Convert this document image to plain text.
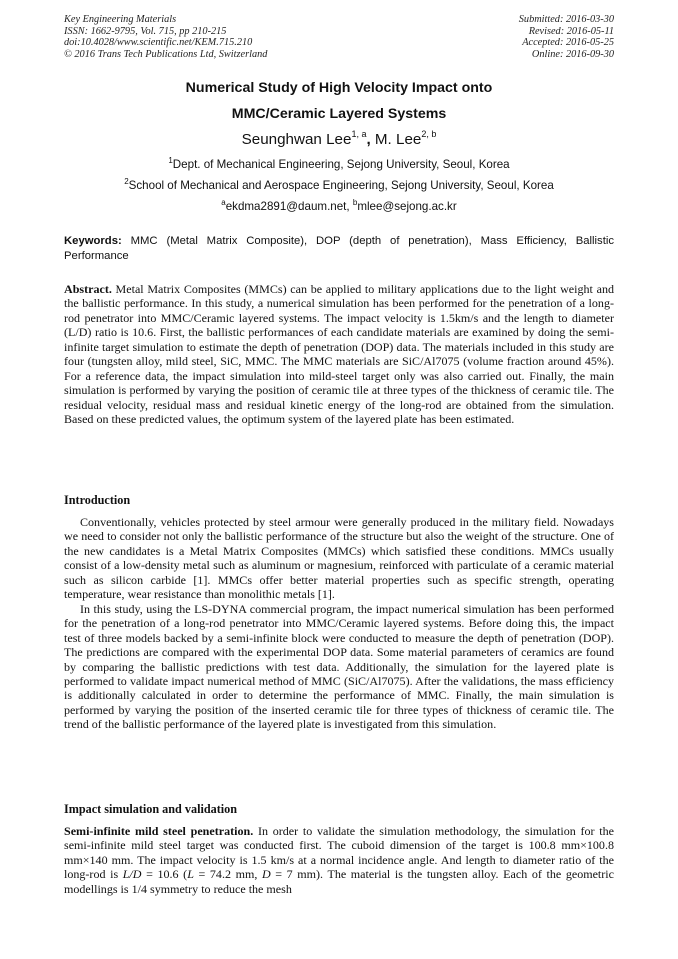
Key Engineering Materials
ISSN: 1662-9795, Vol. 715, pp 210-215
doi:10.4028/www.scientific.net/KEM.715.210
© 2016 Trans Tech Publications Ltd, Switzerland
Submitted: 2016-03-30
Revised: 2016-05-11
Accepted: 2016-05-25
Online: 2016-09-30
Numerical Study of High Velocity Impact onto
MMC/Ceramic Layered Systems
Seunghwan Lee$^{1, a}$, M. Lee$^{2, b}$
$^1$Dept. of Mechanical Engineering, Sejong University, Seoul, Korea
$^2$School of Mechanical and Aerospace Engineering, Sejong University, Seoul, Korea
$^a$ekdma2891@daum.net, $^b$mlee@sejong.ac.kr
Keywords: MMC (Metal Matrix Composite), DOP (depth of penetration), Mass Efficiency, Ballistic Performance
Abstract. Metal Matrix Composites (MMCs) can be applied to military applications due to the light weight and the ballistic performance. In this study, a numerical simulation has been performed for the penetration of a long-rod penetrator into MMC/Ceramic layered systems. The impact velocity is 1.5km/s and the length to diameter (L/D) ratio is 10.6. First, the ballistic performances of each candidate materials are examined by doing the semi-infinite target simulation to estimate the depth of penetration (DOP) data. The materials included in this study are four (tungsten alloy, mild steel, SiC, MMC. The MMC materials are SiC/Al7075 (volume fraction around 45%). For a reference data, the impact simulation into mild-steel target only was also carried out. Finally, the main simulation is performed by varying the position of ceramic tile at three types of the thickness of ceramic tile. The residual velocity, residual mass and residual kinetic energy of the long-rod are obtained from the simulation. Based on these predicted values, the optimum system of the layered plate has been estimated.
Introduction

Conventionally, vehicles protected by steel armour were generally produced in the military field. Nowadays we need to consider not only the ballistic performance of the structure but also the weight of the structure. One of the new candidates is a Metal Matrix Composites (MMCs) which satisfied these conditions. MMCs usually consist of a low-density metal such as aluminum or magnesium, reinforced with particulate of a ceramic material such as silicon carbide [1]. MMCs offer better material properties such as specific strength, operating temperature, wear resistance than monolithic metals [1].

In this study, using the LS-DYNA commercial program, the impact numerical simulation has been performed for the penetration of a long-rod penetrator into MMC/Ceramic layered systems. Before doing this, the impact test of three models backed by a semi-infinite block were conducted to measure the depth of penetration (DOP). The predictions are compared with the experimental DOP data. Some material parameters of ceramics are found by comparing the ballistic predictions with test data. Additionally, the simulation for the layered plate is performed to validate impact numerical method of MMC (SiC/Al7075). After the validations, the mass efficiency is additionally calculated in order to determine the performance of MMC. Finally, the main simulation is performed by varying the position of the inserted ceramic tile for three types of thickness of ceramic tile. The trend of the ballistic performance of the layered plate is investigated from this simulation.

Impact simulation and validation

Semi-infinite mild steel penetration. In order to validate the simulation methodology, the simulation for the semi-infinite mild steel target was conducted first. The cuboid dimension of the target is 100.8 mm×100.8 mm×140 mm. The impact velocity is 1.5 km/s at a normal incidence angle. And length to diameter ratio of the long-rod is L/D = 10.6 (L = 74.2 mm, D = 7 mm). The material is the tungsten alloy. Each of the geometric modellings is 1/4 symmetry to reduce the mesh
